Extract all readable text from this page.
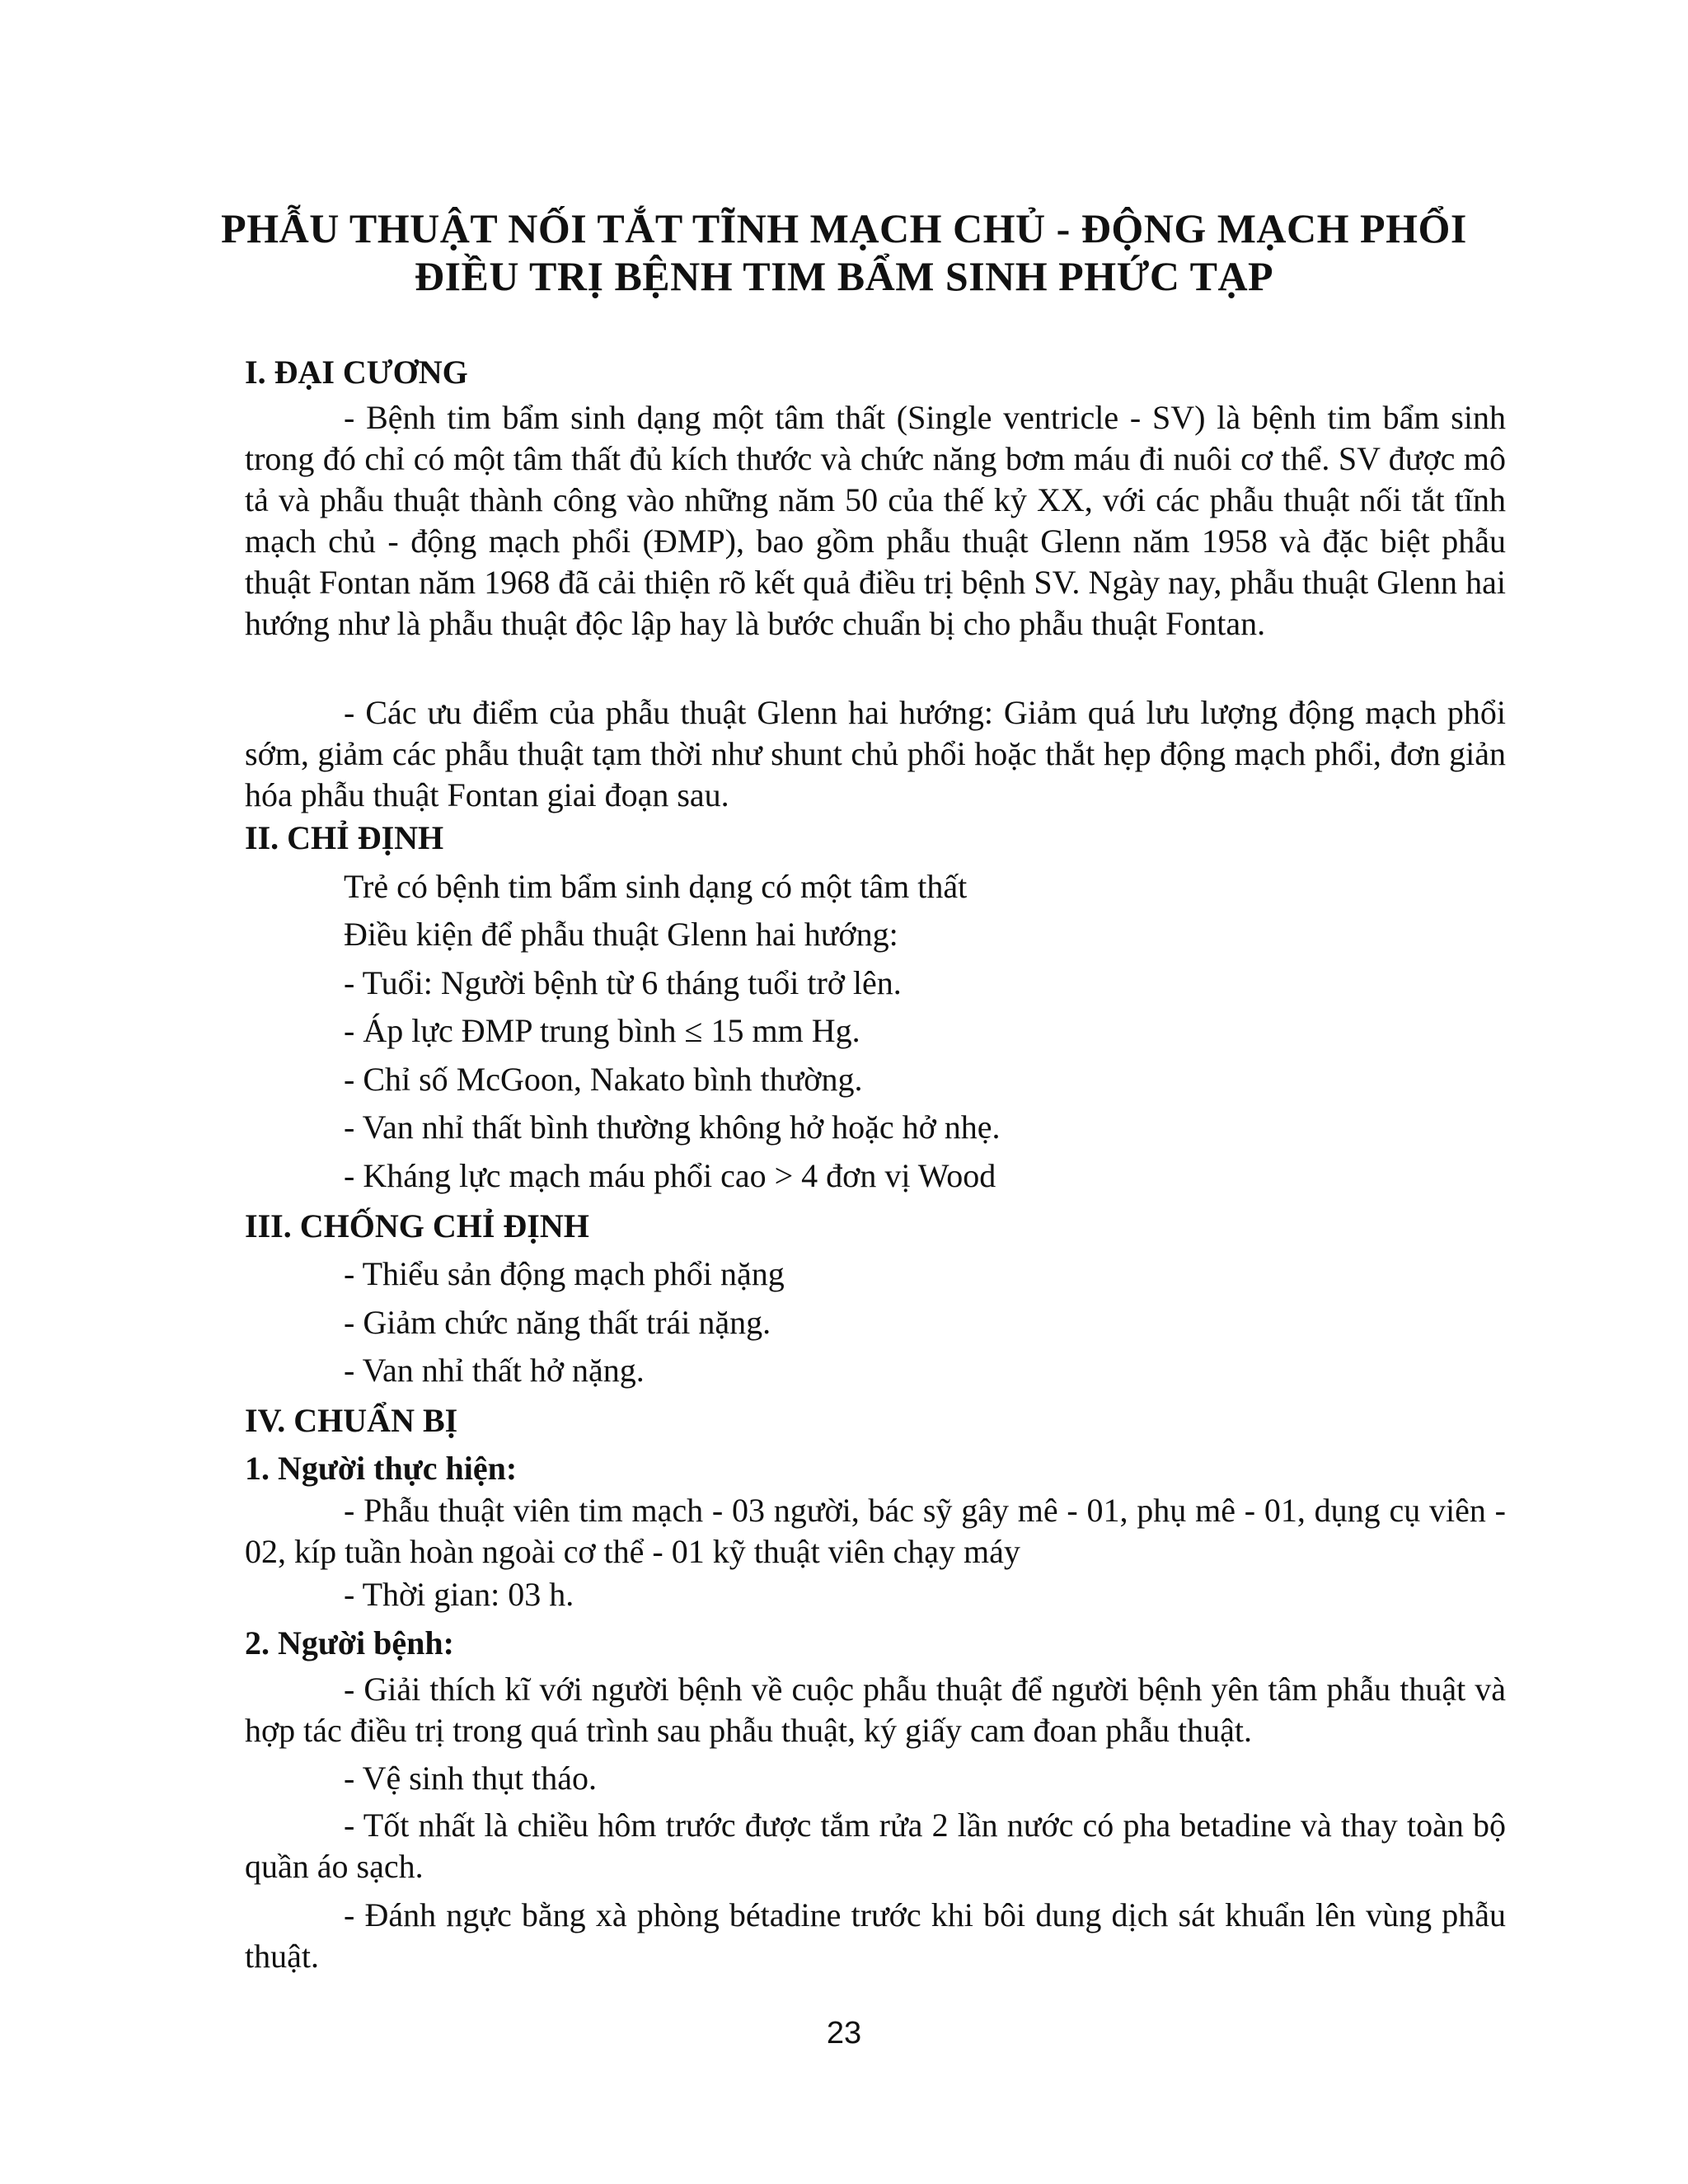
PHẪU THUẬT NỐI TẮT TĨNH MẠCH CHỦ - ĐỘNG MẠCH PHỔI
ĐIỀU TRỊ BỆNH TIM BẨM SINH PHỨC TẠP
I. ĐẠI CƯƠNG
- Bệnh tim bẩm sinh dạng một tâm thất (Single ventricle - SV) là bệnh tim bẩm sinh trong đó chỉ có một tâm thất đủ kích thước và chức năng bơm máu đi nuôi cơ thể. SV được mô tả và phẫu thuật thành công vào những năm 50 của thế kỷ XX, với các phẫu thuật nối tắt tĩnh mạch chủ - động mạch phổi (ĐMP), bao gồm phẫu thuật Glenn năm 1958 và đặc biệt phẫu thuật Fontan năm 1968 đã cải thiện rõ kết quả điều trị bệnh SV. Ngày nay, phẫu thuật Glenn hai hướng như là phẫu thuật độc lập hay là bước chuẩn bị cho phẫu thuật Fontan.
- Các ưu điểm của phẫu thuật Glenn hai hướng: Giảm quá lưu lượng động mạch phổi sớm, giảm các phẫu thuật tạm thời như shunt chủ phổi hoặc thắt hẹp động mạch phổi, đơn giản hóa phẫu thuật Fontan giai đoạn sau.
II. CHỈ ĐỊNH
Trẻ có bệnh tim bẩm sinh dạng có một tâm thất
Điều kiện để phẫu thuật Glenn hai hướng:
- Tuổi: Người bệnh từ 6 tháng tuổi trở lên.
- Áp lực ĐMP trung bình ≤ 15 mm Hg.
- Chỉ số McGoon, Nakato bình thường.
- Van nhỉ thất bình thường không hở hoặc hở nhẹ.
- Kháng lực mạch máu phổi cao > 4 đơn vị Wood
III. CHỐNG CHỈ ĐỊNH
- Thiểu sản động mạch phổi nặng
- Giảm chức năng thất trái nặng.
- Van nhỉ thất hở nặng.
IV. CHUẨN BỊ
1. Người thực hiện:
- Phẫu thuật viên tim mạch - 03 người, bác sỹ gây mê - 01, phụ mê - 01, dụng cụ viên - 02, kíp tuần hoàn ngoài cơ thể - 01 kỹ thuật viên chạy máy
- Thời gian: 03 h.
2. Người bệnh:
- Giải thích kĩ với người bệnh về cuộc phẫu thuật để người bệnh yên tâm phẫu thuật và hợp tác điều trị trong quá trình sau phẫu thuật, ký giấy cam đoan phẫu thuật.
- Vệ sinh thụt tháo.
- Tốt nhất là chiều hôm trước được tắm rửa 2 lần nước có pha betadine và thay toàn bộ quần áo sạch.
- Đánh ngực bằng xà phòng bétadine trước khi bôi dung dịch sát khuẩn lên vùng phẫu thuật.
23
